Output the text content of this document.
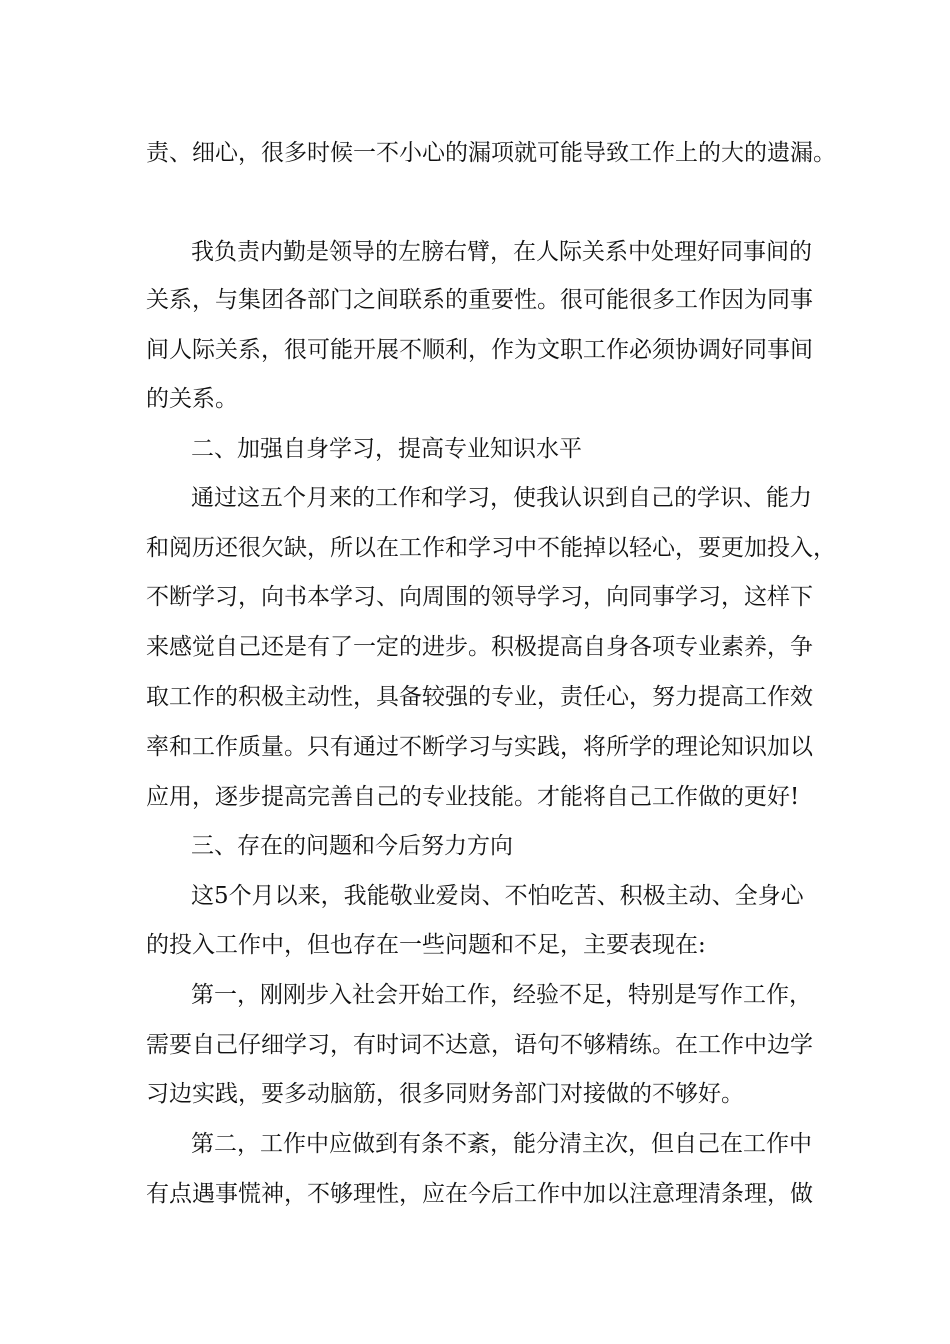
责、细心，很多时候一不小心的漏项就可能导致工作上的大的遗漏。

我负责内勤是领导的左膀右臂，在人际关系中处理好同事间的

关系，与集团各部门之间联系的重要性。很可能很多工作因为同事

间人际关系，很可能开展不顺利，作为文职工作必须协调好同事间

的关系。

二、加强自身学习，提高专业知识水平

通过这五个月来的工作和学习，使我认识到自己的学识、能力

和阅历还很欠缺，所以在工作和学习中不能掉以轻心，要更加投入，

不断学习，向书本学习、向周围的领导学习，向同事学习，这样下

来感觉自己还是有了一定的进步。积极提高自身各项专业素养，争

取工作的积极主动性，具备较强的专业，责任心，努力提高工作效

率和工作质量。只有通过不断学习与实践，将所学的理论知识加以

应用，逐步提高完善自己的专业技能。才能将自己工作做的更好!

三、存在的问题和今后努力方向

这5个月以来，我能敬业爱岗、不怕吃苦、积极主动、全身心

的投入工作中，但也存在一些问题和不足，主要表现在:

第一，刚刚步入社会开始工作，经验不足，特别是写作工作，

需要自己仔细学习，有时词不达意，语句不够精练。在工作中边学

习边实践，要多动脑筋，很多同财务部门对接做的不够好。

第二，工作中应做到有条不紊，能分清主次，但自己在工作中

有点遇事慌神，不够理性，应在今后工作中加以注意理清条理，做
